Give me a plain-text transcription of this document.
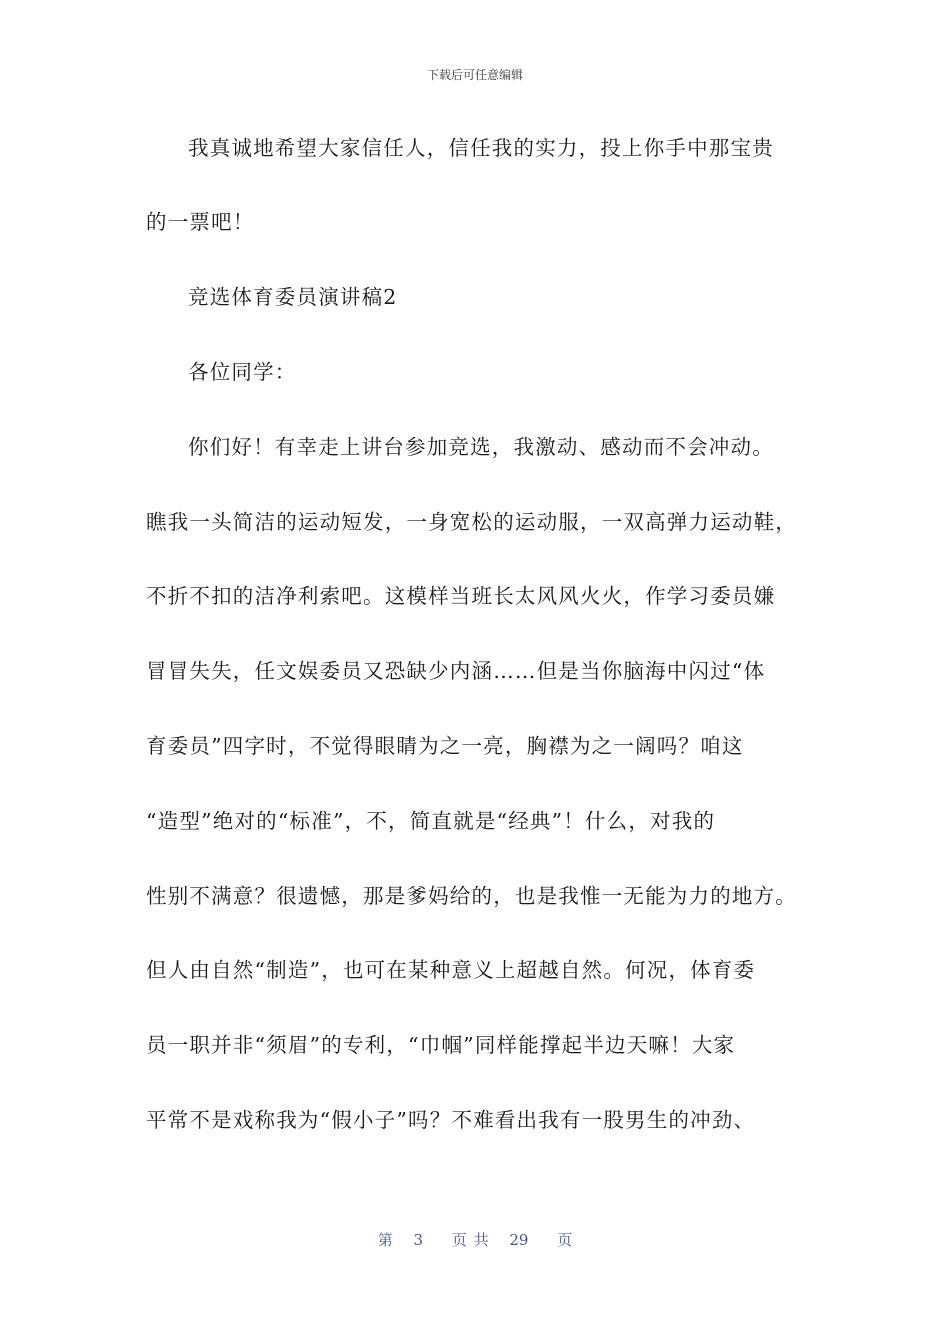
下载后可任意编辑
我真诚地希望大家信任人，信任我的实力，投上你手中那宝贵
的一票吧！
竞选体育委员演讲稿2
各位同学：
你们好！有幸走上讲台参加竞选，我激动、感动而不会冲动。
瞧我一头简洁的运动短发，一身宽松的运动服，一双高弹力运动鞋，
不折不扣的洁净利索吧。这模样当班长太风风火火，作学习委员嫌
冒冒失失，任文娱委员又恐缺少内涵……但是当你脑海中闪过“体
育委员”四字时，不觉得眼睛为之一亮，胸襟为之一阔吗？咱这
“造型”绝对的“标准”，不，简直就是“经典”！什么，对我的
性别不满意？很遗憾，那是爹妈给的，也是我惟一无能为力的地方。
但人由自然“制造”，也可在某种意义上超越自然。何况，体育委
员一职并非“须眉”的专利，“巾帼”同样能撑起半边天嘛！大家
平常不是戏称我为“假小子”吗？不难看出我有一股男生的冲劲、
第 3 页 共 29 页
